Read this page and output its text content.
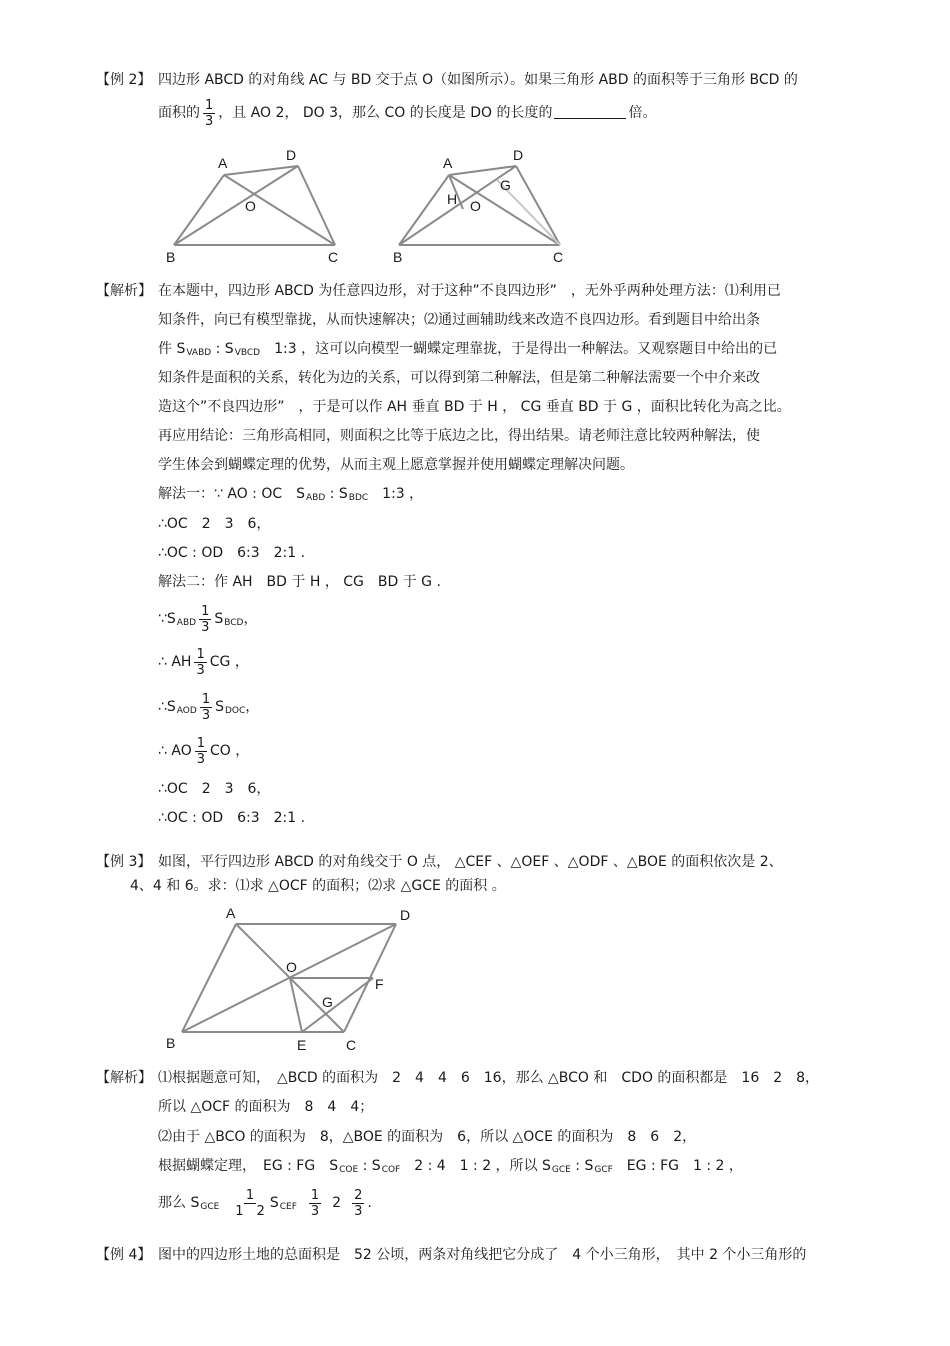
【例 2】 四边形 ABCD 的对角线 AC 与 BD 交于点 O（如图所示）。如果三角形 ABD 的面积等于三角形 BCD 的
面积的 $\frac{1}{3}$ ，且 AO 2， DO 3，那么 CO 的长度是 DO 的长度的	倍。
A	D
O
B	C
A	D
H
G
O
B	C
【解析】 在本题中，四边形 ABCD 为任意四边形，对于这种”不良四边形”　，无外乎两种处理方法：⑴利用已
知条件，向已有模型靠拢，从而快速解决；⑵通过画辅助线来改造不良四边形。看到题目中给出条
件 $S_{VABD}$ : $S_{VBCD}$　1:3 ，这可以向模型一蝴蝶定理靠拢，于是得出一种解法。又观察题目中给出的已
知条件是面积的关系，转化为边的关系，可以得到第二种解法，但是第二种解法需要一个中介来改
造这个”不良四边形”　，于是可以作 AH 垂直 BD 于 H ， CG 垂直 BD 于 G ，面积比转化为高之比。
再应用结论：三角形高相同，则面积之比等于底边之比，得出结果。请老师注意比较两种解法，使
学生体会到蝴蝶定理的优势，从而主观上愿意掌握并使用蝴蝶定理解决问题。
解法一：∵ AO : OC　$S_{ABD}$ : $S_{BDC}$　1:3 ，
∴OC　2　3　6，
∴OC : OD　6:3　2:1 .
解法二：作 AH　BD 于 H ， CG　BD 于 G .
$\because S_{ABD} \frac{1}{3} S_{BCD}$，
∴ AH $\frac{1}{3}$ CG ，
$\therefore S_{AOD} \frac{1}{3} S_{DOC}$，
∴ AO $\frac{1}{3}$ CO ，
∴OC　2　3　6，
∴OC : OD　6:3　2:1 .
【例 3】 如图，平行四边形 ABCD 的对角线交于 O 点， △CEF 、△OEF 、△ODF 、△BOE 的面积依次是 2、
4、4 和 6。求：⑴求 △OCF 的面积；⑵求 △GCE 的面积 。
A	D
O
F
G
B	E	C
【解析】 ⑴根据题意可知，　△BCD 的面积为　2　4　4　6　16，那么 △BCO 和　CDO 的面积都是　16　2　8，
所以 △OCF 的面积为　8　4　4；
⑵由于 △BCO 的面积为　8，△BOE 的面积为　6，所以 △OCE 的面积为　8　6　2，
根据蝴蝶定理，　EG : FG　$S_{COE}$ : $S_{COF}$　2 : 4　1 : 2 ，所以 $S_{GCE}$ : $S_{GCF}$　EG : FG　1 : 2 ，
那么 $S_{GCE} \frac{1}{1 2} S_{CEF} \frac{1}{3} 2 \frac{2}{3}$ .
【例 4】 图中的四边形土地的总面积是　52 公顷，两条对角线把它分成了　4 个小三角形，　其中 2 个小三角形的
